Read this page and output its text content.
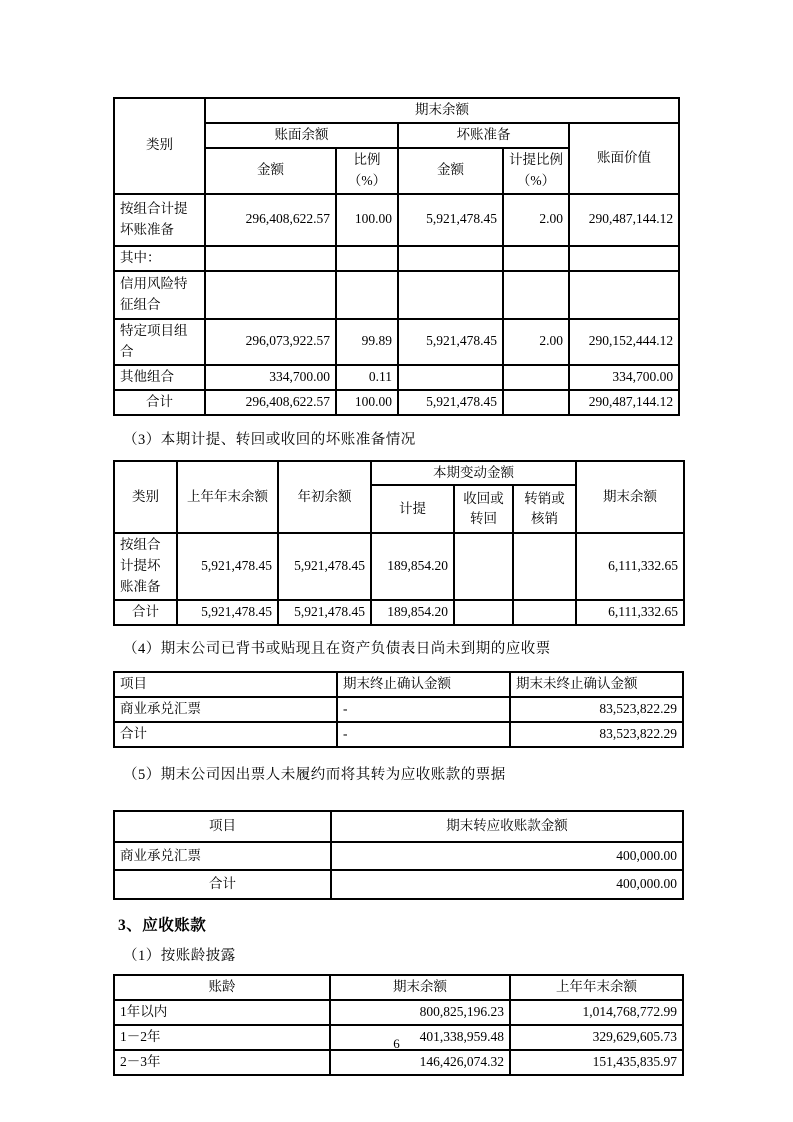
类别	期末余额				
	账面余额		坏账准备		账面价值
	金额	比例（%）	金额	计提比例（%）	
按组合计提坏账准备	296,408,622.57	100.00	5,921,478.45	2.00	290,487,144.12
其中：					
信用风险特征组合					
特定项目组合	296,073,922.57	99.89	5,921,478.45	2.00	290,152,444.12
其他组合	334,700.00	0.11			334,700.00
合计	296,408,622.57	100.00	5,921,478.45		290,487,144.12
（3）本期计提、转回或收回的坏账准备情况
类别	上年年末余额	年初余额	本期变动金额			期末余额
			计提	收回或转回	转销或核销	
按组合计提坏账准备	5,921,478.45	5,921,478.45	189,854.20			6,111,332.65
合计	5,921,478.45	5,921,478.45	189,854.20			6,111,332.65
（4）期末公司已背书或贴现且在资产负债表日尚未到期的应收票
项目	期末终止确认金额	期末未终止确认金额
商业承兑汇票	-	83,523,822.29
合计	-	83,523,822.29
（5）期末公司因出票人未履约而将其转为应收账款的票据
项目	期末转应收账款金额
商业承兑汇票	400,000.00
合计	400,000.00
3、应收账款
（1）按账龄披露
账龄	期末余额	上年年末余额
1年以内	800,825,196.23	1,014,768,772.99
1－2年	401,338,959.48	329,629,605.73
2－3年	146,426,074.32	151,435,835.97
6
